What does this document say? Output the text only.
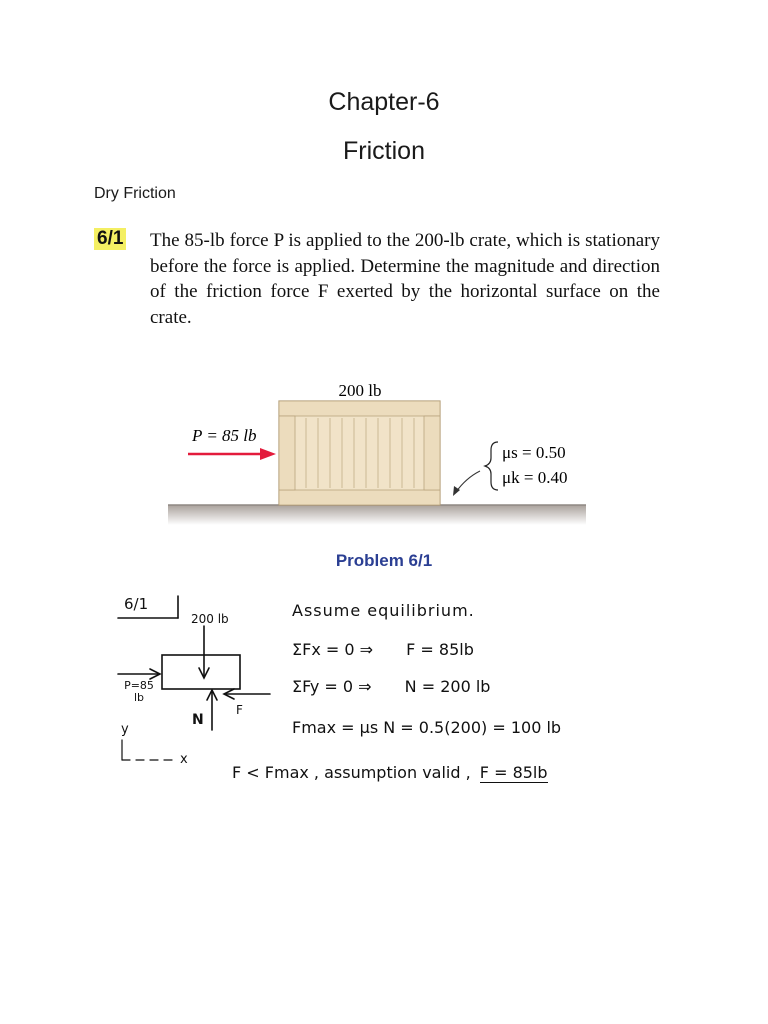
Chapter-6
Friction
Dry Friction
6/1 The 85-lb force P is applied to the 200-lb crate, which is stationary before the force is applied. Determine the magnitude and direction of the friction force F exerted by the horizontal surface on the crate.
200 lb
P = 85 lb
μs = 0.50
μk = 0.40
Problem 6/1
6/1
200 lb
P=85
lb
N
F
y
x
Assume equilibrium.
ΣFx = 0 ⇒ F = 85lb
ΣFy = 0 ⇒ N = 200 lb
Fmax = μs N = 0.5(200) = 100 lb
F < Fmax , assumption valid , F = 85lb
